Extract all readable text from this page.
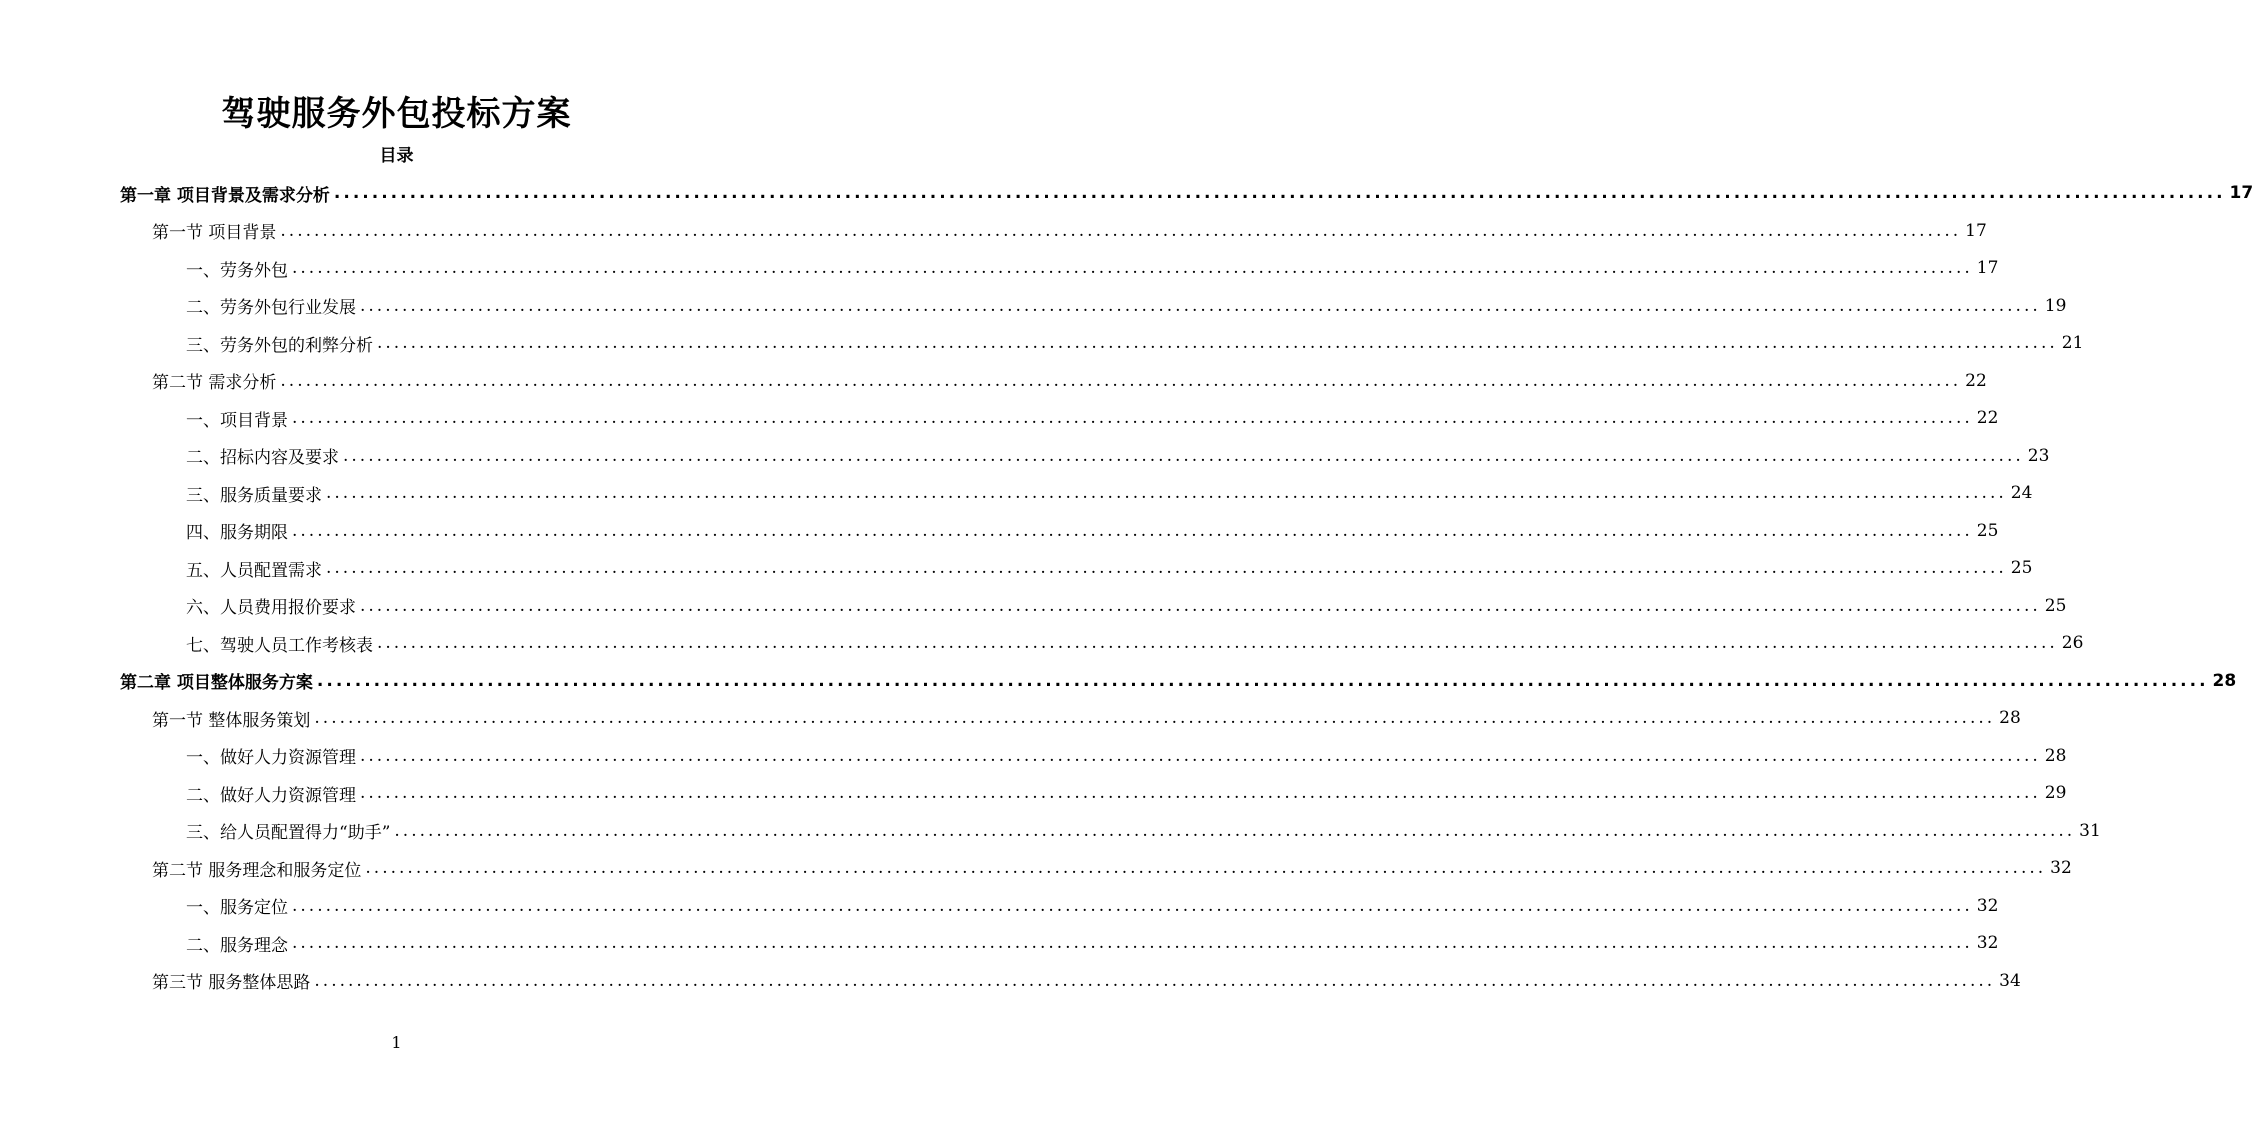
驾驶服务外包投标方案
目录
第一章 项目背景及需求分析 ........................................................................................................................................................................................................ 17
第一节 项目背景 ........................................................................................................................................................................................................ 17
一、劳务外包 ........................................................................................................................................................................................................ 17
二、劳务外包行业发展 ........................................................................................................................................................................................................ 19
三、劳务外包的利弊分析 ........................................................................................................................................................................................................ 21
第二节 需求分析 ........................................................................................................................................................................................................ 22
一、项目背景 ........................................................................................................................................................................................................ 22
二、招标内容及要求 ........................................................................................................................................................................................................ 23
三、服务质量要求 ........................................................................................................................................................................................................ 24
四、服务期限 ........................................................................................................................................................................................................ 25
五、人员配置需求 ........................................................................................................................................................................................................ 25
六、人员费用报价要求 ........................................................................................................................................................................................................ 25
七、驾驶人员工作考核表 ........................................................................................................................................................................................................ 26
第二章 项目整体服务方案 ........................................................................................................................................................................................................ 28
第一节 整体服务策划 ........................................................................................................................................................................................................ 28
一、做好人力资源管理 ........................................................................................................................................................................................................ 28
二、做好人力资源管理 ........................................................................................................................................................................................................ 29
三、给人员配置得力“助手” ........................................................................................................................................................................................................ 31
第二节 服务理念和服务定位 ........................................................................................................................................................................................................ 32
一、服务定位 ........................................................................................................................................................................................................ 32
二、服务理念 ........................................................................................................................................................................................................ 32
第三节 服务整体思路 ........................................................................................................................................................................................................ 34
1
